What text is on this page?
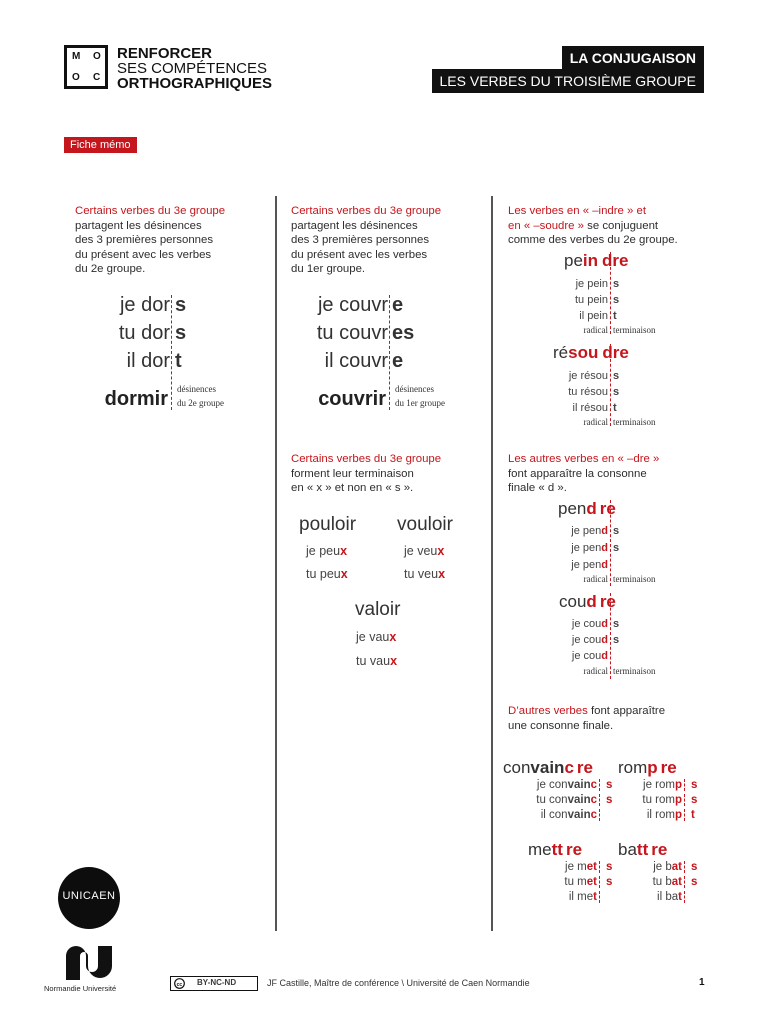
M O
O C
RENFORCER
SES COMPÉTENCES
ORTHOGRAPHIQUES
LA CONJUGAISON
LES VERBES DU TROISIÈME GROUPE
Fiche mémo
Certains verbes du 3e groupe
partagent les désinences
des 3 premières personnes
du présent avec les verbes
du 2e groupe.
je dor s
tu dor s
il dor t
dormir désinences
du 2e groupe
Certains verbes du 3e groupe
partagent les désinences
des 3 premières personnes
du présent avec les verbes
du 1er groupe.
je couvr e
tu couvr es
il couvr e
couvrir désinences
du 1er groupe
Certains verbes du 3e groupe
forment leur terminaison
en « x » et non en « s ».
pouloir
je peux
tu peux
vouloir
je veux
tu veux
valoir
je vaux
tu vaux
Les verbes en « –indre » et
en « –soudre » se conjuguent
comme des verbes du 2e groupe.
pein dre
je pein s
tu pein s
il pein t
radical terminaison
résou dre
je résou s
tu résou s
il résou t
radical terminaison
Les autres verbes en « –dre »
font apparaître la consonne
finale « d ».
pend re
je pend s
je pend s
je pend
radical terminaison
coud re
je coud s
je coud s
je coud
radical terminaison
D’autres verbes font apparaître
une consonne finale.
convainc re
je convainc s
tu convainc s
il convainc
romp re
je romp s
tu romp s
il romp t
mett re
je met s
tu met s
il met
batt re
je bat s
tu bat s
il bat
UNICAEN
Normandie Université	cc BY-NC-ND	JF Castille, Maître de conférence \ Université de Caen Normandie	1
